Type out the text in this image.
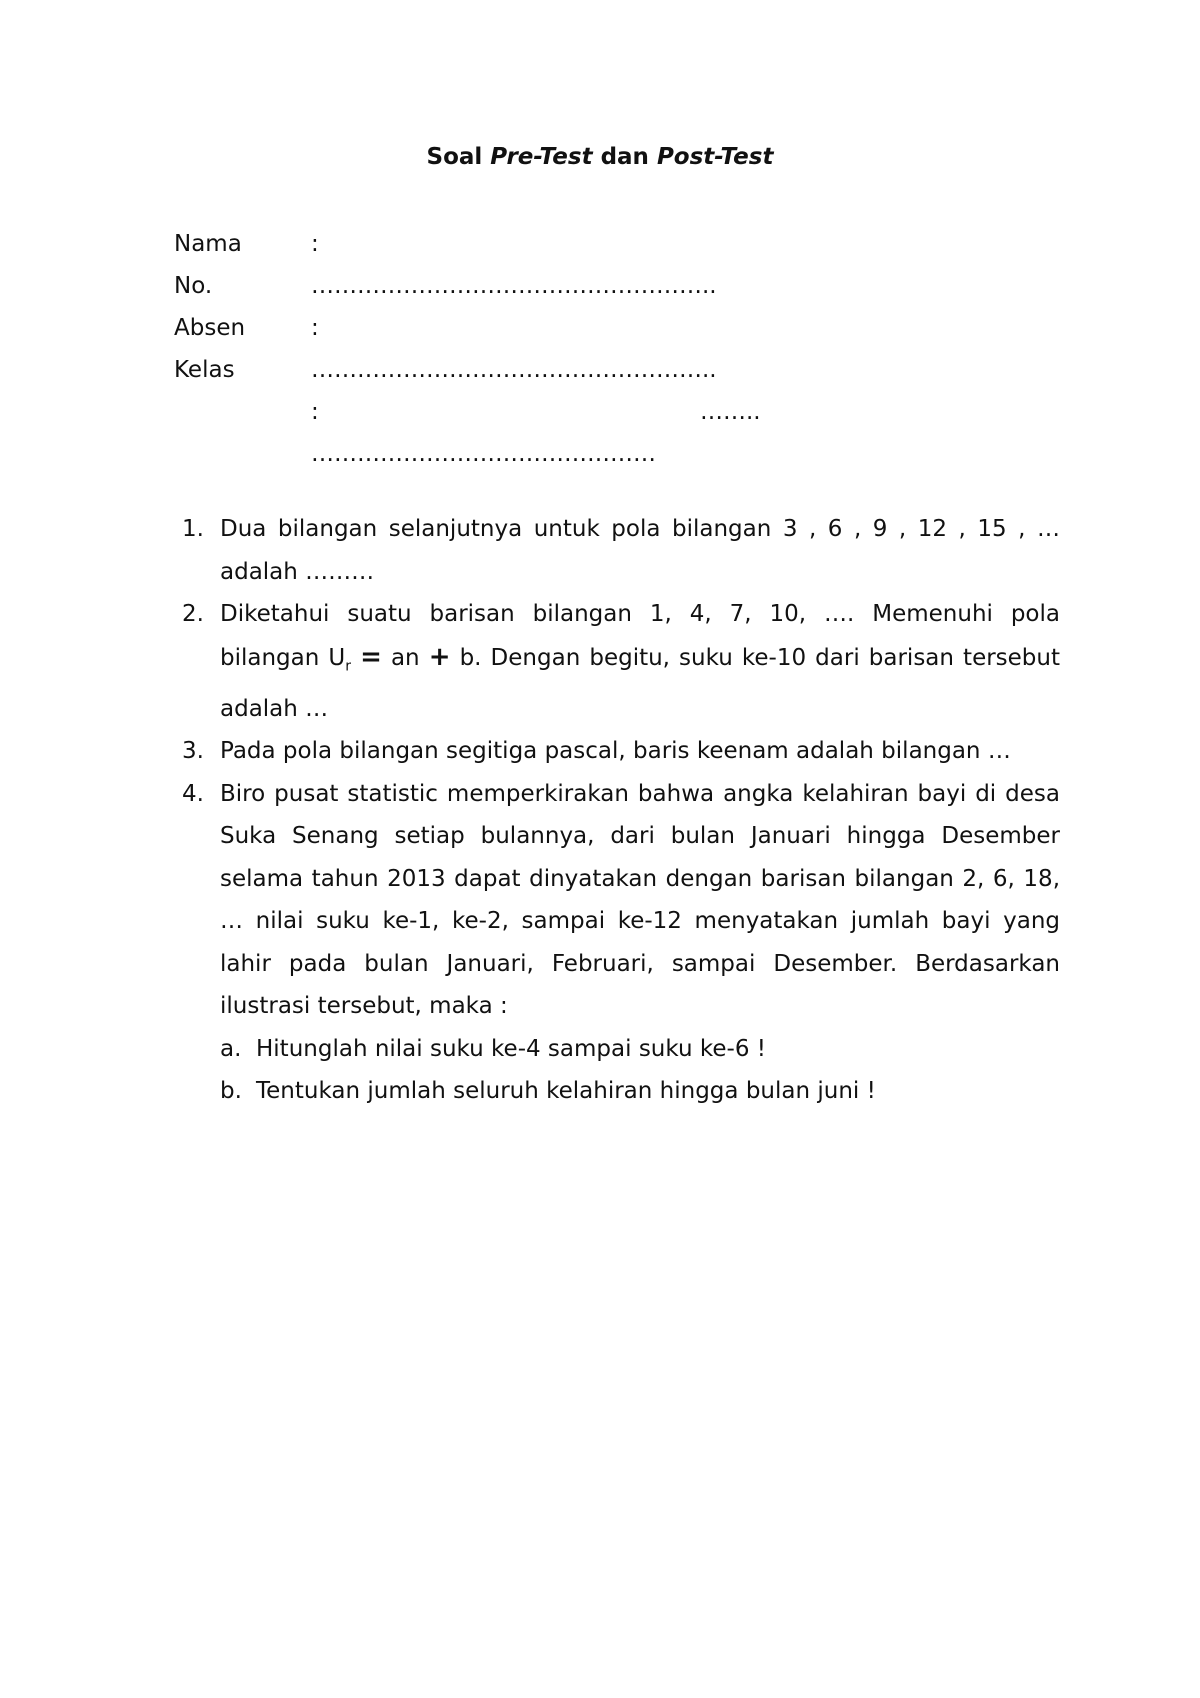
Soal Pre-Test dan Post-Test
Nama
No.
Absen
Kelas
:
……………………………………………..
:
……………………………………………..
:	……..
………………………………………
1. Dua bilangan selanjutnya untuk pola bilangan 3 , 6 , 9 , 12 , 15 , … adalah ………
2. Diketahui suatu barisan bilangan 1, 4, 7, 10, …. Memenuhi pola bilangan $U_r$ = an + b. Dengan begitu, suku ke-10 dari barisan tersebut adalah …
3. Pada pola bilangan segitiga pascal, baris keenam adalah bilangan …
4. Biro pusat statistic memperkirakan bahwa angka kelahiran bayi di desa Suka Senang setiap bulannya, dari bulan Januari hingga Desember selama tahun 2013 dapat dinyatakan dengan barisan bilangan 2, 6, 18, … nilai suku ke-1, ke-2, sampai ke-12 menyatakan jumlah bayi yang lahir pada bulan Januari, Februari, sampai Desember. Berdasarkan ilustrasi tersebut, maka :
a. Hitunglah nilai suku ke-4 sampai suku ke-6 !
b. Tentukan jumlah seluruh kelahiran hingga bulan juni !
